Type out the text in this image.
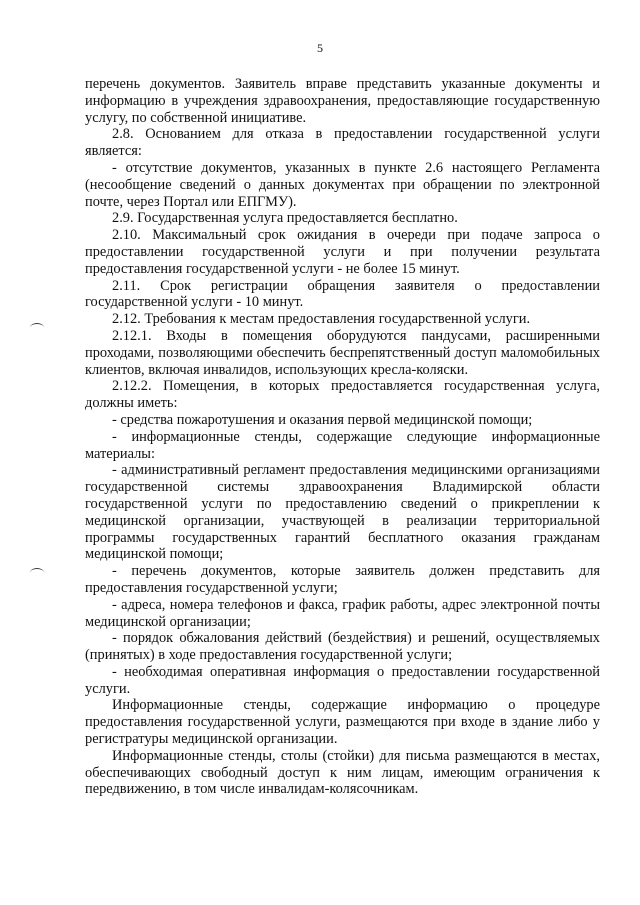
5

перечень документов. Заявитель вправе представить указанные документы и информацию в учреждения здравоохранения, предоставляющие государственную услугу, по собственной инициативе.

2.8. Основанием для отказа в предоставлении государственной услуги является:

- отсутствие документов, указанных в пункте 2.6 настоящего Регламента (несообщение сведений о данных документах при обращении по электронной почте, через Портал или ЕПГМУ).

2.9. Государственная услуга предоставляется бесплатно.

2.10. Максимальный срок ожидания в очереди при подаче запроса о предоставлении государственной услуги и при получении результата предоставления государственной услуги - не более 15 минут.

2.11. Срок регистрации обращения заявителя о предоставлении государственной услуги - 10 минут.

2.12. Требования к местам предоставления государственной услуги.

2.12.1. Входы в помещения оборудуются пандусами, расширенными проходами, позволяющими обеспечить беспрепятственный доступ маломобильных клиентов, включая инвалидов, использующих кресла-коляски.

2.12.2. Помещения, в которых предоставляется государственная услуга, должны иметь:

- средства пожаротушения и оказания первой медицинской помощи;

- информационные стенды, содержащие следующие информационные материалы:

- административный регламент предоставления медицинскими организациями государственной системы здравоохранения Владимирской области государственной услуги по предоставлению сведений о прикреплении к медицинской организации, участвующей в реализации территориальной программы государственных гарантий бесплатного оказания гражданам медицинской помощи;

- перечень документов, которые заявитель должен представить для предоставления государственной услуги;

- адреса, номера телефонов и факса, график работы, адрес электронной почты медицинской организации;

- порядок обжалования действий (бездействия) и решений, осуществляемых (принятых) в ходе предоставления государственной услуги;

- необходимая оперативная информация о предоставлении государственной услуги.

Информационные стенды, содержащие информацию о процедуре предоставления государственной услуги, размещаются при входе в здание либо у регистратуры медицинской организации.

Информационные стенды, столы (стойки) для письма размещаются в местах, обеспечивающих свободный доступ к ним лицам, имеющим ограничения к передвижению, в том числе инвалидам-колясочникам.
